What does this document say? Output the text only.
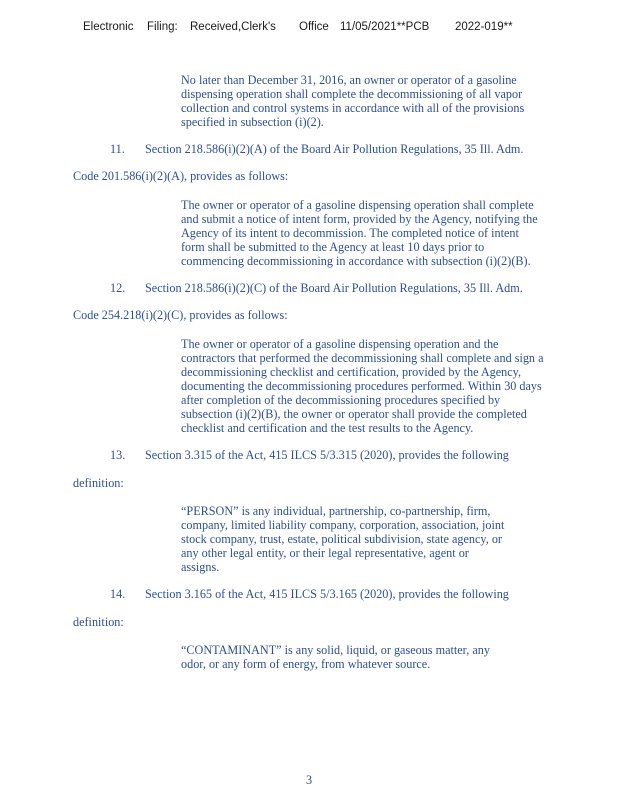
Electronic Filing: Received,Clerk's Office 11/05/2021**PCB 2022-019**
No later than December 31, 2016, an owner or operator of a gasoline
dispensing operation shall complete the decommissioning of all vapor
collection and control systems in accordance with all of the provisions
specified in subsection (i)(2).
11. Section 218.586(i)(2)(A) of the Board Air Pollution Regulations, 35 Ill. Adm.
Code 201.586(i)(2)(A), provides as follows:
The owner or operator of a gasoline dispensing operation shall complete
and submit a notice of intent form, provided by the Agency, notifying the
Agency of its intent to decommission. The completed notice of intent
form shall be submitted to the Agency at least 10 days prior to
commencing decommissioning in accordance with subsection (i)(2)(B).
12. Section 218.586(i)(2)(C) of the Board Air Pollution Regulations, 35 Ill. Adm.
Code 254.218(i)(2)(C), provides as follows:
The owner or operator of a gasoline dispensing operation and the
contractors that performed the decommissioning shall complete and sign a
decommissioning checklist and certification, provided by the Agency,
documenting the decommissioning procedures performed. Within 30 days
after completion of the decommissioning procedures specified by
subsection (i)(2)(B), the owner or operator shall provide the completed
checklist and certification and the test results to the Agency.
13. Section 3.315 of the Act, 415 ILCS 5/3.315 (2020), provides the following
definition:
“PERSON” is any individual, partnership, co-partnership, firm,
company, limited liability company, corporation, association, joint
stock company, trust, estate, political subdivision, state agency, or
any other legal entity, or their legal representative, agent or
assigns.
14. Section 3.165 of the Act, 415 ILCS 5/3.165 (2020), provides the following
definition:
“CONTAMINANT” is any solid, liquid, or gaseous matter, any
odor, or any form of energy, from whatever source.
3
